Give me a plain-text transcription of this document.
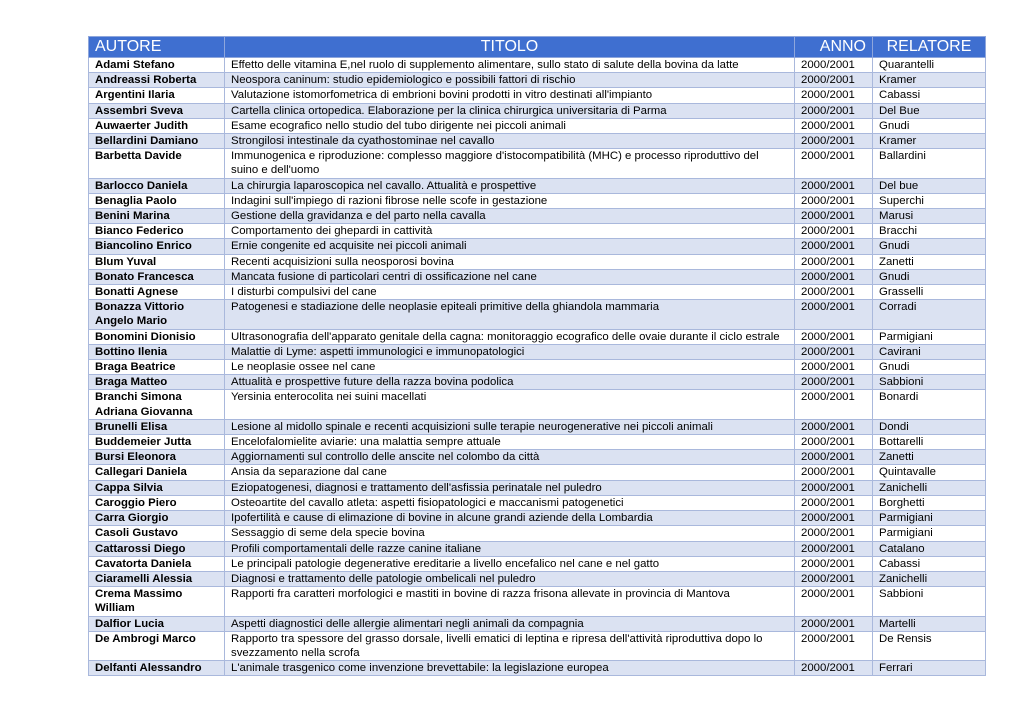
AUTORE	TITOLO	ANNO	RELATORE
Adami Stefano	Effetto delle vitamina E,nel ruolo di supplemento alimentare, sullo stato di salute della bovina da latte	2000/2001	Quarantelli
Andreassi Roberta	Neospora caninum: studio epidemiologico e possibili fattori di rischio	2000/2001	Kramer
Argentini Ilaria	Valutazione istomorfometrica di embrioni bovini prodotti in vitro destinati all'impianto	2000/2001	Cabassi
Assembri Sveva	Cartella clinica ortopedica. Elaborazione per la clinica chirurgica universitaria di Parma	2000/2001	Del Bue
Auwaerter Judith	Esame ecografico nello studio del tubo dirigente nei piccoli animali	2000/2001	Gnudi
Bellardini Damiano	Strongilosi intestinale da cyathostominae nel cavallo	2000/2001	Kramer
Barbetta Davide	Immunogenica e riproduzione: complesso maggiore d'istocompatibilità (MHC) e processo riproduttivo del suino e dell'uomo	2000/2001	Ballardini
Barlocco Daniela	La chirurgia laparoscopica nel cavallo. Attualità e prospettive	2000/2001	Del bue
Benaglia Paolo	Indagini sull'impiego di razioni fibrose nelle scofe in gestazione	2000/2001	Superchi
Benini Marina	Gestione della gravidanza e del parto nella cavalla	2000/2001	Marusi
Bianco Federico	Comportamento dei ghepardi in cattività	2000/2001	Bracchi
Biancolino Enrico	Ernie congenite ed acquisite nei piccoli animali	2000/2001	Gnudi
Blum Yuval	Recenti acquisizioni sulla neosporosi bovina	2000/2001	Zanetti
Bonato Francesca	Mancata fusione di particolari centri di ossificazione nel cane	2000/2001	Gnudi
Bonatti Agnese	I disturbi compulsivi del cane	2000/2001	Grasselli
Bonazza Vittorio Angelo Mario	Patogenesi e stadiazione delle neoplasie epiteali primitive della ghiandola mammaria	2000/2001	Corradi
Bonomini Dionisio	Ultrasonografia dell'apparato genitale della cagna: monitoraggio ecografico delle ovaie durante il ciclo estrale	2000/2001	Parmigiani
Bottino Ilenia	Malattie di Lyme: aspetti immunologici e immunopatologici	2000/2001	Cavirani
Braga Beatrice	Le neoplasie ossee nel cane	2000/2001	Gnudi
Braga Matteo	Attualità e prospettive future della razza bovina podolica	2000/2001	Sabbioni
Branchi Simona Adriana Giovanna	Yersinia enterocolita nei suini macellati	2000/2001	Bonardi
Brunelli Elisa	Lesione al midollo spinale e recenti acquisizioni sulle terapie neurogenerative nei piccoli animali	2000/2001	Dondi
Buddemeier Jutta	Encelofalomielite aviarie: una malattia sempre attuale	2000/2001	Bottarelli
Bursi Eleonora	Aggiornamenti sul controllo delle anscite nel colombo da città	2000/2001	Zanetti
Callegari Daniela	Ansia da separazione dal cane	2000/2001	Quintavalle
Cappa Silvia	Eziopatogenesi, diagnosi e trattamento dell'asfissia perinatale nel puledro	2000/2001	Zanichelli
Caroggio Piero	Osteoartite del cavallo atleta: aspetti fisiopatologici e maccanismi patogenetici	2000/2001	Borghetti
Carra Giorgio	Ipofertilità e cause di elimazione di bovine in alcune grandi aziende della Lombardia	2000/2001	Parmigiani
Casoli Gustavo	Sessaggio di seme dela specie bovina	2000/2001	Parmigiani
Cattarossi Diego	Profili comportamentali delle razze canine italiane	2000/2001	Catalano
Cavatorta Daniela	Le principali patologie degenerative ereditarie a livello encefalico nel cane e nel gatto	2000/2001	Cabassi
Ciaramelli Alessia	Diagnosi e trattamento delle patologie ombelicali nel puledro	2000/2001	Zanichelli
Crema Massimo William	Rapporti fra caratteri morfologici e mastiti in bovine di razza frisona allevate in provincia di Mantova	2000/2001	Sabbioni
Dalfior Lucia	Aspetti diagnostici delle allergie alimentari negli animali da compagnia	2000/2001	Martelli
De Ambrogi Marco	Rapporto tra spessore del grasso dorsale, livelli ematici di leptina e ripresa dell'attività riproduttiva dopo lo svezzamento nella scrofa	2000/2001	De Rensis
Delfanti Alessandro	L'animale trasgenico come invenzione brevettabile: la legislazione europea	2000/2001	Ferrari
